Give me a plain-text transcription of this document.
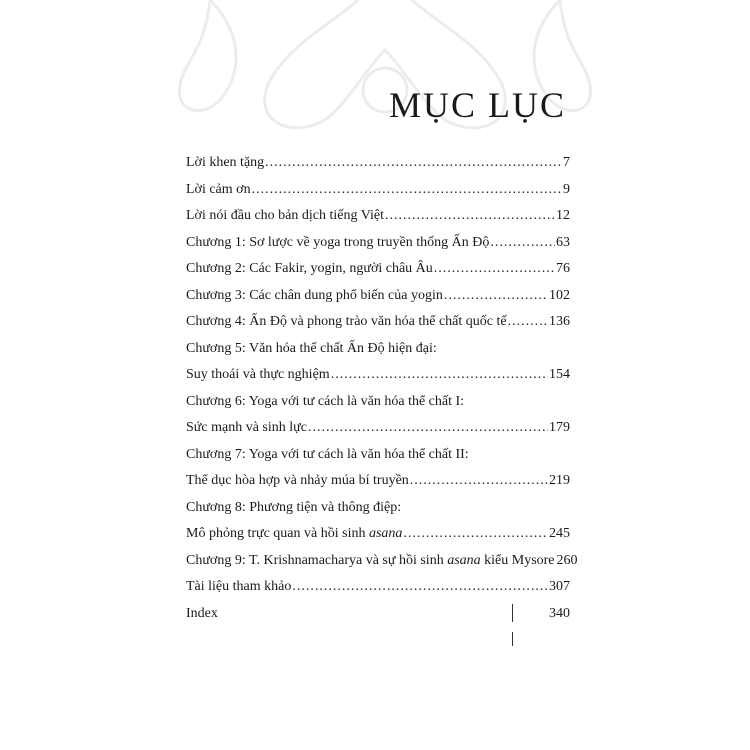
MỤC LỤC
Lời khen tặng .....	7
Lời cảm ơn .....	9
Lời nói đầu cho bản dịch tiếng Việt .....	12
Chương 1: Sơ lược về yoga trong truyền thống Ấn Độ .....	63
Chương 2: Các Fakir, yogin, người châu Âu .....	76
Chương 3: Các chân dung phổ biến của yogin .....	102
Chương 4: Ấn Độ và phong trào văn hóa thể chất quốc tế .....	136
Chương 5: Văn hóa thể chất Ấn Độ hiện đại:
Suy thoái và thực nghiệm .....	154
Chương 6: Yoga với tư cách là văn hóa thể chất I:
Sức mạnh và sinh lực .....	179
Chương 7: Yoga với tư cách là văn hóa thể chất II:
Thể dục hòa hợp và nhảy múa bí truyền .....	219
Chương 8: Phương tiện và thông điệp:
Mô phỏng trực quan và hồi sinh asana .....	245
Chương 9: T. Krishnamacharya và sự hồi sinh asana kiểu Mysore 260
Tài liệu tham khảo .....	307
Index	340
